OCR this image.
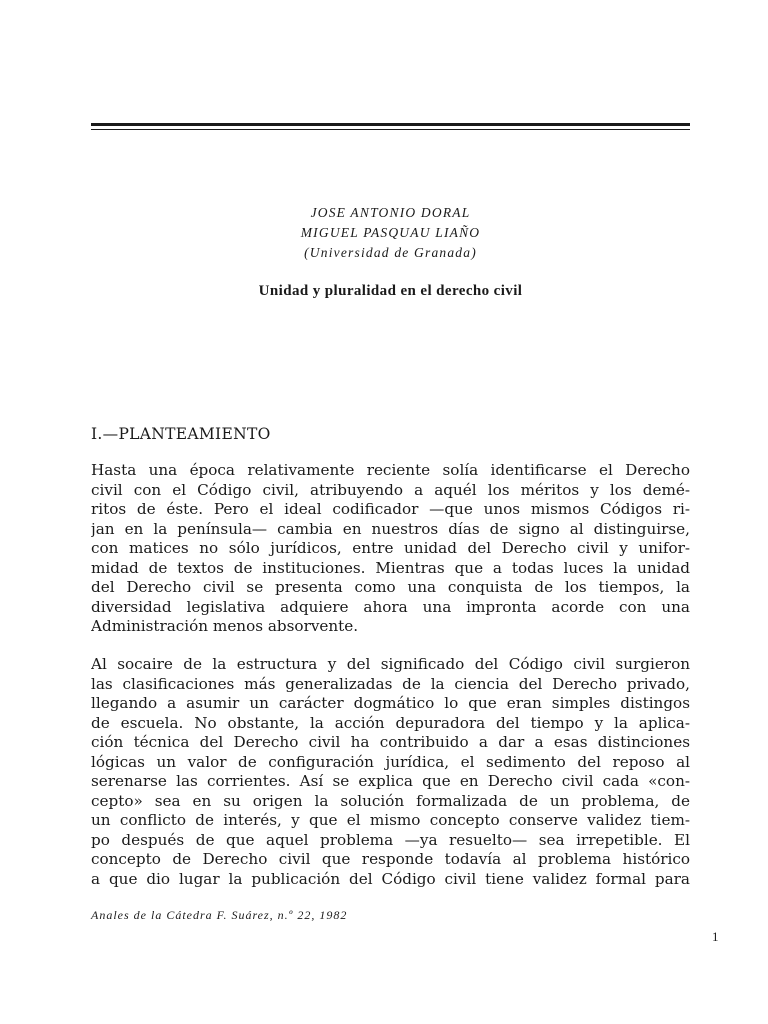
JOSE ANTONIO DORAL
MIGUEL PASQUAU LIAÑO
(Universidad de Granada)
Unidad y pluralidad en el derecho civil
I.—PLANTEAMIENTO
Hasta una época relativamente reciente solía identificarse el Derecho
civil con el Código civil, atribuyendo a aquél los méritos y los demé-
ritos de éste. Pero el ideal codificador —que unos mismos Códigos ri-
jan en la península— cambia en nuestros días de signo al distinguirse,
con matices no sólo jurídicos, entre unidad del Derecho civil y unifor-
midad de textos de instituciones. Mientras que a todas luces la unidad
del Derecho civil se presenta como una conquista de los tiempos, la
diversidad legislativa adquiere ahora una impronta acorde con una
Administración menos absorvente.
Al socaire de la estructura y del significado del Código civil surgieron
las clasificaciones más generalizadas de la ciencia del Derecho privado,
llegando a asumir un carácter dogmático lo que eran simples distingos
de escuela. No obstante, la acción depuradora del tiempo y la aplica-
ción técnica del Derecho civil ha contribuido a dar a esas distinciones
lógicas un valor de configuración jurídica, el sedimento del reposo al
serenarse las corrientes. Así se explica que en Derecho civil cada «con-
cepto» sea en su origen la solución formalizada de un problema, de
un conflicto de interés, y que el mismo concepto conserve validez tiem-
po después de que aquel problema —ya resuelto— sea irrepetible. El
concepto de Derecho civil que responde todavía al problema histórico
a que dio lugar la publicación del Código civil tiene validez formal para
Anales de la Cátedra F. Suárez, n.º 22, 1982
1
